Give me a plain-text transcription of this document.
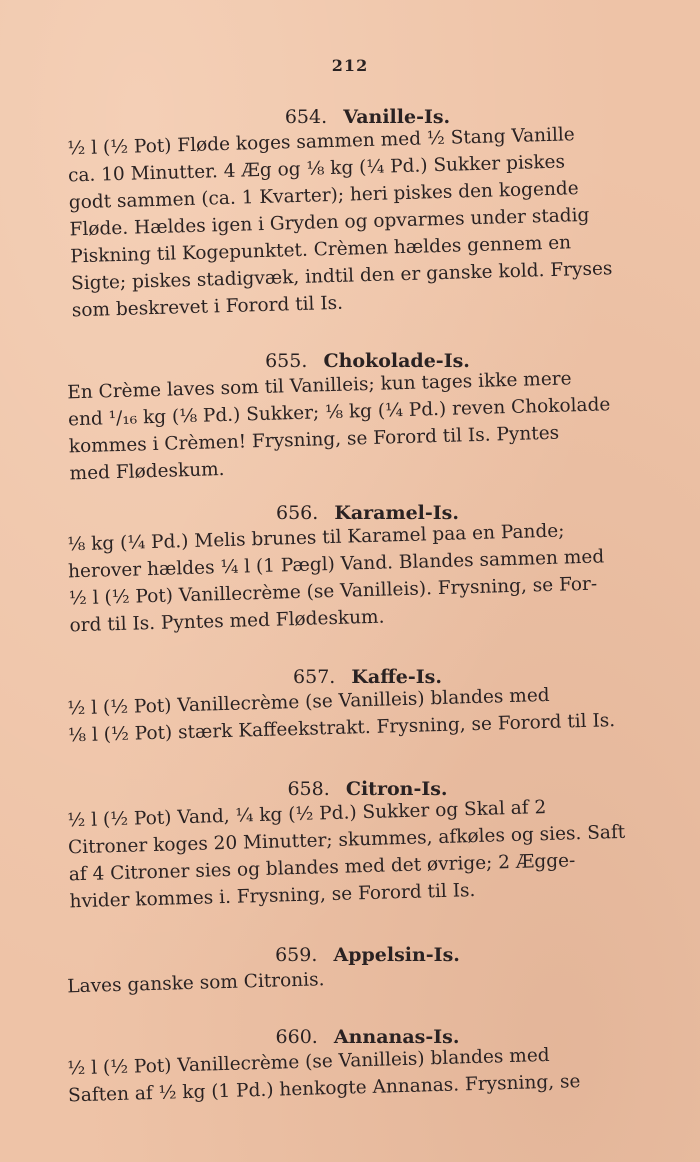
212
654. Vanille-Is.
½ l (½ Pot) Fløde koges sammen med ½ Stang Vanille
ca. 10 Minutter. 4 Æg og ⅛ kg (¼ Pd.) Sukker piskes
godt sammen (ca. 1 Kvarter); heri piskes den kogende
Fløde. Hældes igen i Gryden og opvarmes under stadig
Piskning til Kogepunktet. Crèmen hældes gennem en
Sigte; piskes stadigvæk, indtil den er ganske kold. Fryses
som beskrevet i Forord til Is.
655. Chokolade-Is.
En Crème laves som til Vanilleis; kun tages ikke mere
end ¹/₁₆ kg (⅛ Pd.) Sukker; ⅛ kg (¼ Pd.) reven Chokolade
kommes i Crèmen! Frysning, se Forord til Is. Pyntes
med Flødeskum.
656. Karamel-Is.
⅛ kg (¼ Pd.) Melis brunes til Karamel paa en Pande;
herover hældes ¼ l (1 Pægl) Vand. Blandes sammen med
½ l (½ Pot) Vanillecrème (se Vanilleis). Frysning, se For-
ord til Is. Pyntes med Flødeskum.
657. Kaffe-Is.
½ l (½ Pot) Vanillecrème (se Vanilleis) blandes med
⅛ l (½ Pot) stærk Kaffeekstrakt. Frysning, se Forord til Is.
658. Citron-Is.
½ l (½ Pot) Vand, ¼ kg (½ Pd.) Sukker og Skal af 2
Citroner koges 20 Minutter; skummes, afkøles og sies. Saft
af 4 Citroner sies og blandes med det øvrige; 2 Ægge-
hvider kommes i. Frysning, se Forord til Is.
659. Appelsin-Is.
Laves ganske som Citronis.
660. Annanas-Is.
½ l (½ Pot) Vanillecrème (se Vanilleis) blandes med
Saften af ½ kg (1 Pd.) henkogte Annanas. Frysning, se
